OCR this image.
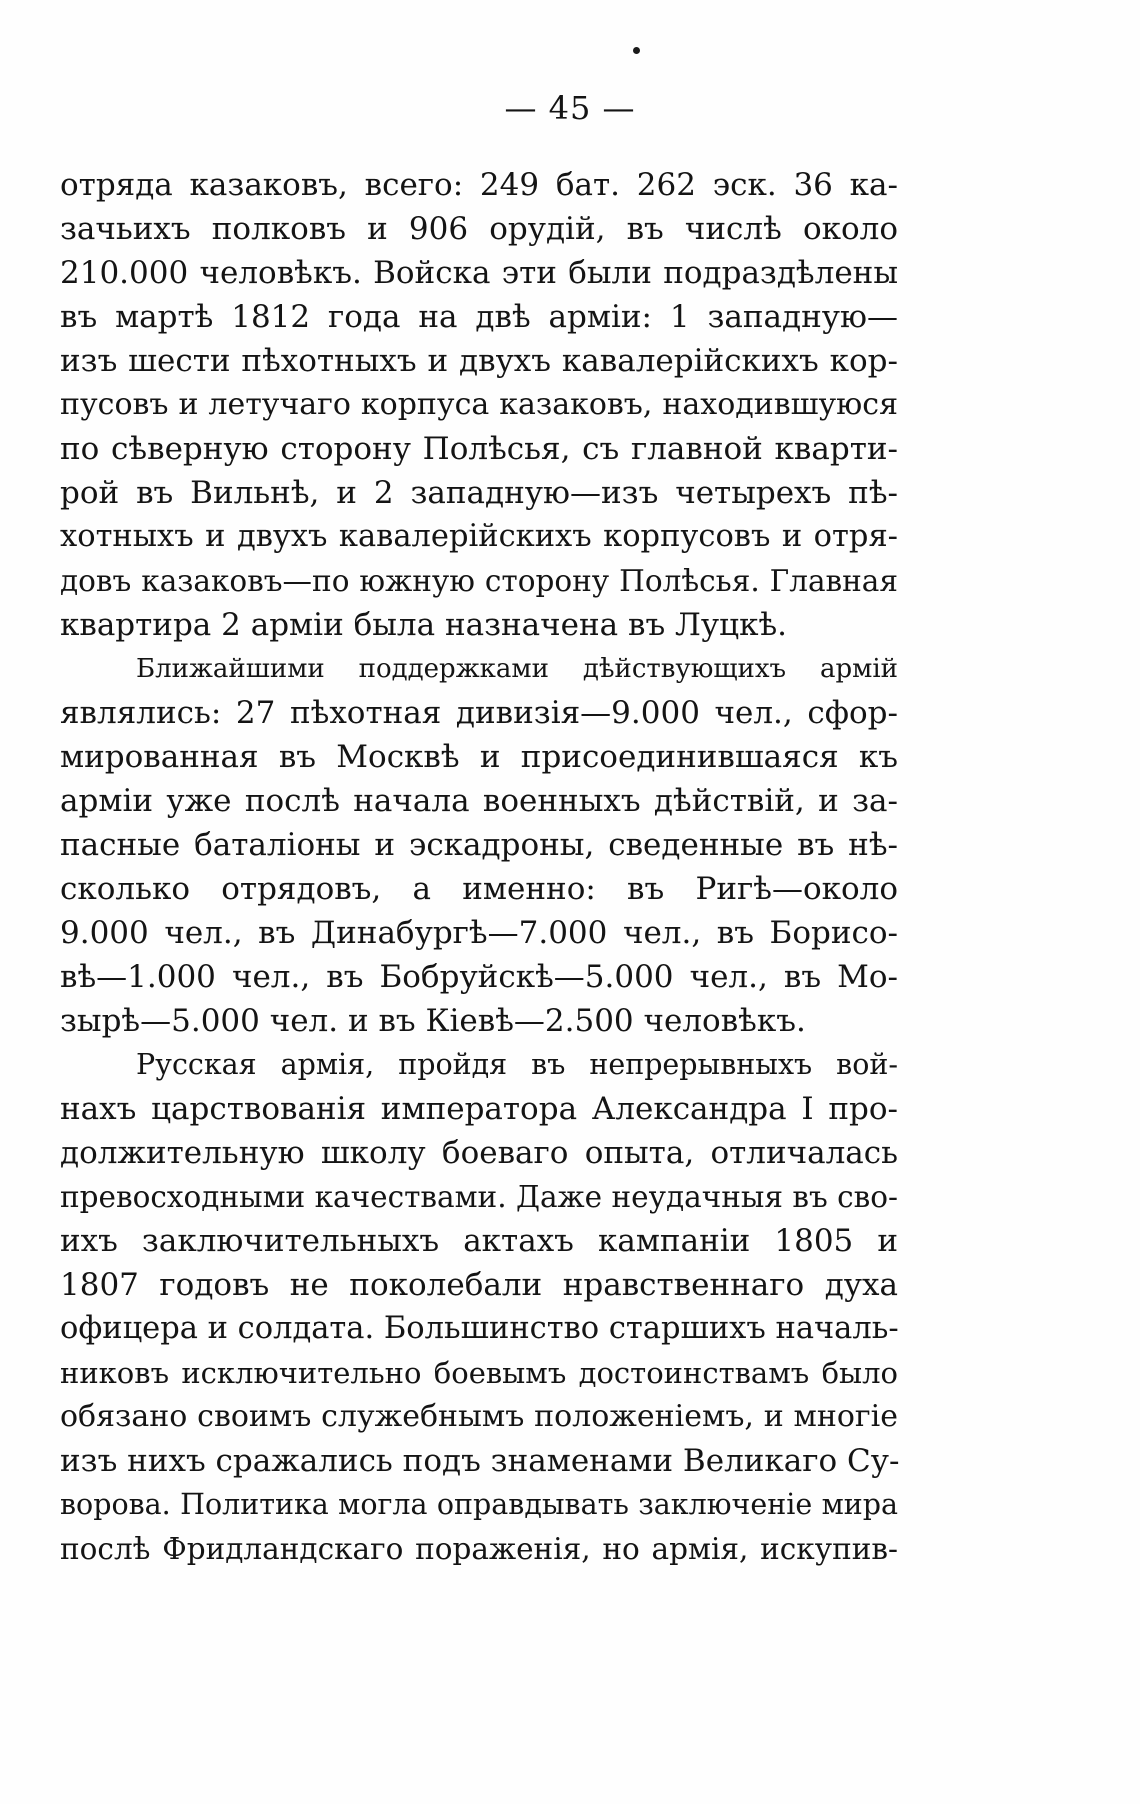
— 45 —
отряда казаковъ, всего: 249 бат. 262 эск. 36 ка-
зачьихъ полковъ и 906 орудій, въ числѣ около
210.000 человѣкъ. Войска эти были подраздѣлены
въ мартѣ 1812 года на двѣ арміи: 1 западную—
изъ шести пѣхотныхъ и двухъ кавалерійскихъ кор-
пусовъ и летучаго корпуса казаковъ, находившуюся
по сѣверную сторону Полѣсья, съ главной кварти-
рой въ Вильнѣ, и 2 западную—изъ четырехъ пѣ-
хотныхъ и двухъ кавалерійскихъ корпусовъ и отря-
довъ казаковъ—по южную сторону Полѣсья. Главная
квартира 2 арміи была назначена въ Луцкѣ.
Ближайшими поддержками дѣйствующихъ армій
являлись: 27 пѣхотная дивизія—9.000 чел., сфор-
мированная въ Москвѣ и присоединившаяся къ
арміи уже послѣ начала военныхъ дѣйствій, и за-
пасные баталіоны и эскадроны, сведенные въ нѣ-
сколько отрядовъ, а именно: въ Ригѣ—около
9.000 чел., въ Динабургѣ—7.000 чел., въ Борисо-
вѣ—1.000 чел., въ Бобруйскѣ—5.000 чел., въ Мо-
зырѣ—5.000 чел. и въ Кіевѣ—2.500 человѣкъ.
Русская армія, пройдя въ непрерывныхъ вой-
нахъ царствованія императора Александра I про-
должительную школу боеваго опыта, отличалась
превосходными качествами. Даже неудачныя въ сво-
ихъ заключительныхъ актахъ кампаніи 1805 и
1807 годовъ не поколебали нравственнаго духа
офицера и солдата. Большинство старшихъ началь-
никовъ исключительно боевымъ достоинствамъ было
обязано своимъ служебнымъ положеніемъ, и многіе
изъ нихъ сражались подъ знаменами Великаго Су-
ворова. Политика могла оправдывать заключеніе мира
послѣ Фридландскаго пораженія, но армія, искупив-
